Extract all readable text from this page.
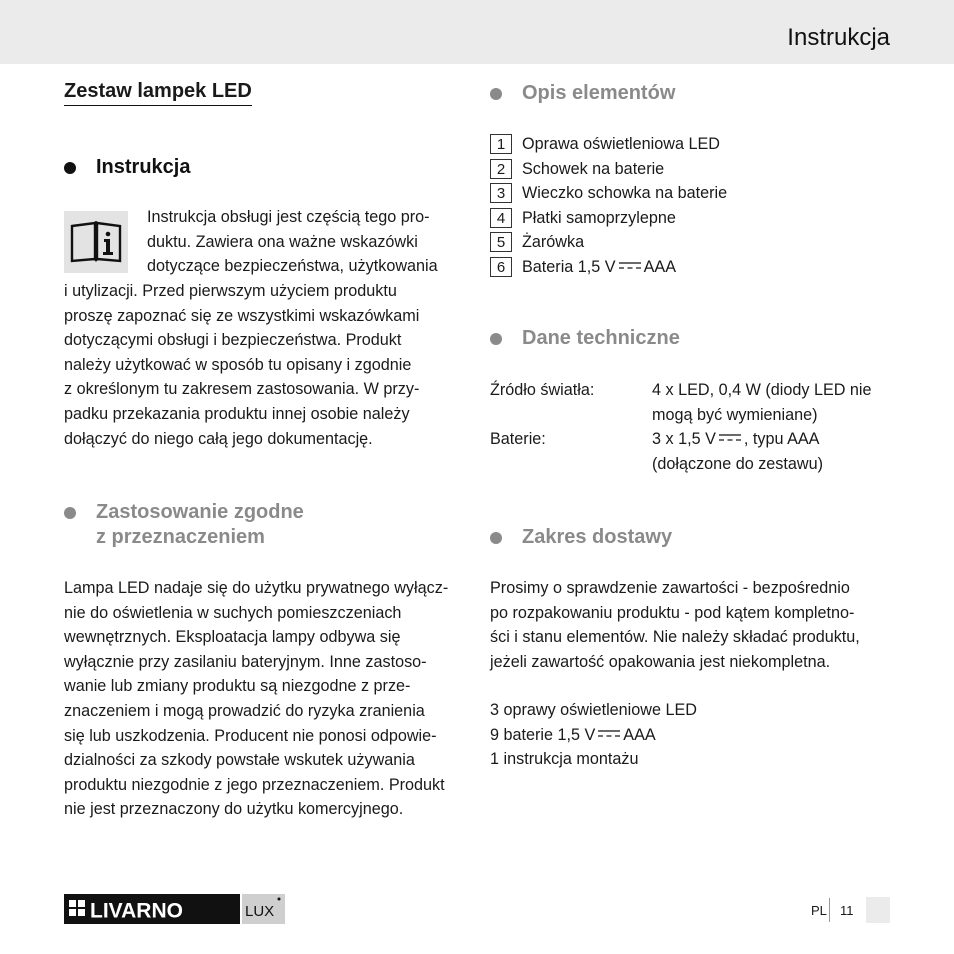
Instrukcja
Zestaw lampek LED
Instrukcja

Instrukcja obsługi jest częścią tego pro-

duktu. Zawiera ona ważne wskazówki

dotyczące bezpieczeństwa, użytkowania

i utylizacji. Przed pierwszym użyciem produktu

proszę zapoznać się ze wszystkimi wskazówkami

dotyczącymi obsługi i bezpieczeństwa. Produkt

należy użytkować w sposób tu opisany i zgodnie

z określonym tu zakresem zastosowania. W przy-

padku przekazania produktu innej osobie należy

dołączyć do niego całą jego dokumentację.

Zastosowanie zgodne
z przeznaczeniem

Lampa LED nadaje się do użytku prywatnego wyłącz-

nie do oświetlenia w suchych pomieszczeniach

wewnętrznych. Eksploatacja lampy odbywa się

wyłącznie przy zasilaniu bateryjnym. Inne zastoso-

wanie lub zmiany produktu są niezgodne z prze-

znaczeniem i mogą prowadzić do ryzyka zranienia

się lub uszkodzenia. Producent nie ponosi odpowie-

dzialności za szkody powstałe wskutek używania

produktu niezgodnie z jego przeznaczeniem. Produkt

nie jest przeznaczony do użytku komercyjnego.

Opis elementów
1	Oprawa oświetleniowa LED
2	Schowek na baterie
3	Wieczko schowka na baterie
4	Płatki samoprzylepne
5	Żarówka
6	Bateria 1,5 V AAA
Dane techniczne
Źródło światła:	4 x LED, 0,4 W (diody LED nie
mogą być wymieniane)
Baterie:	3 x 1,5 V , typu AAA
(dołączone do zestawu)
Zakres dostawy

Prosimy o sprawdzenie zawartości - bezpośrednio

po rozpakowaniu produktu - pod kątem kompletno-

ści i stanu elementów. Nie należy składać produktu,

jeżeli zawartość opakowania jest niekompletna.

3 oprawy oświetleniowe LED

9 baterie 1,5 V AAA

1 instrukcja montażu

LIVARNO	LUX	PL 11
